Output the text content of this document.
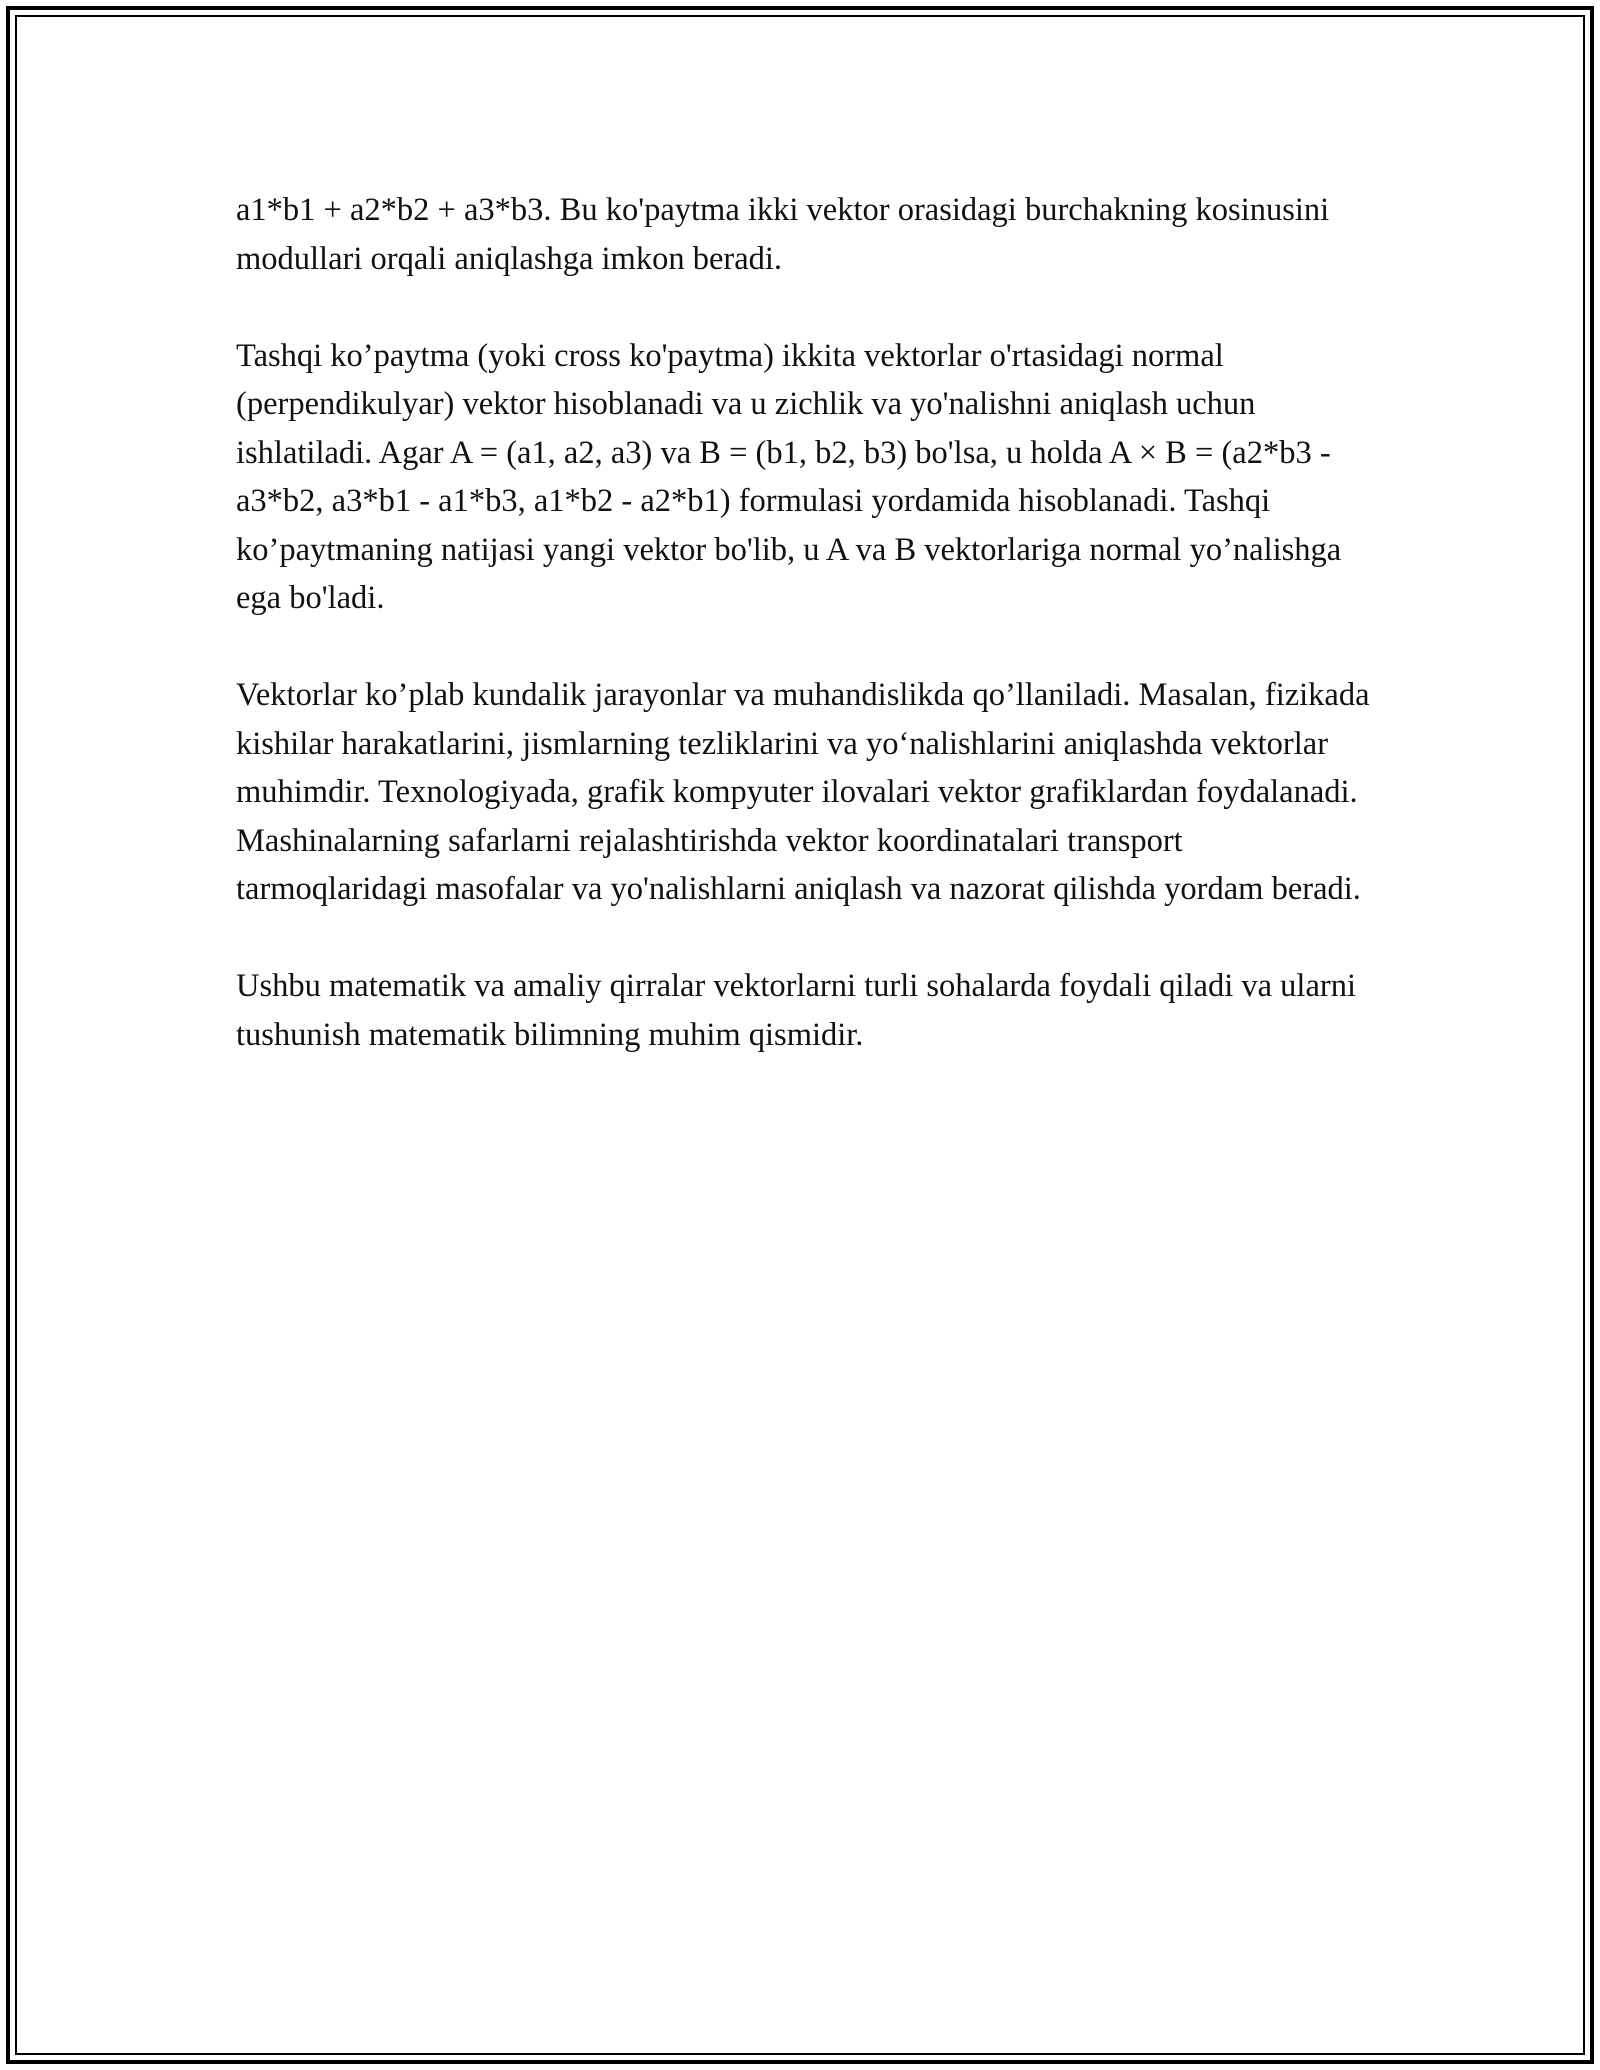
a1*b1 + a2*b2 + a3*b3. Bu ko'paytma ikki vektor orasidagi burchakning kosinusini modullari orqali aniqlashga imkon beradi.

Tashqi ko’paytma (yoki cross ko'paytma) ikkita vektorlar o'rtasidagi normal (perpendikulyar) vektor hisoblanadi va u zichlik va yo'nalishni aniqlash uchun ishlatiladi. Agar A = (a1, a2, a3) va B = (b1, b2, b3) bo'lsa, u holda A × B = (a2*b3 - a3*b2, a3*b1 - a1*b3, a1*b2 - a2*b1) formulasi yordamida hisoblanadi. Tashqi ko’paytmaning natijasi yangi vektor bo'lib, u A va B vektorlariga normal yo’nalishga ega bo'ladi.

Vektorlar ko’plab kundalik jarayonlar va muhandislikda qo’llaniladi. Masalan, fizikada kishilar harakatlarini, jismlarning tezliklarini va yo‘nalishlarini aniqlashda vektorlar muhimdir. Texnologiyada, grafik kompyuter ilovalari vektor grafiklardan foydalanadi. Mashinalarning safarlarni rejalashtirishda vektor koordinatalari transport tarmoqlaridagi masofalar va yo'nalishlarni aniqlash va nazorat qilishda yordam beradi.

Ushbu matematik va amaliy qirralar vektorlarni turli sohalarda foydali qiladi va ularni tushunish matematik bilimning muhim qismidir.
